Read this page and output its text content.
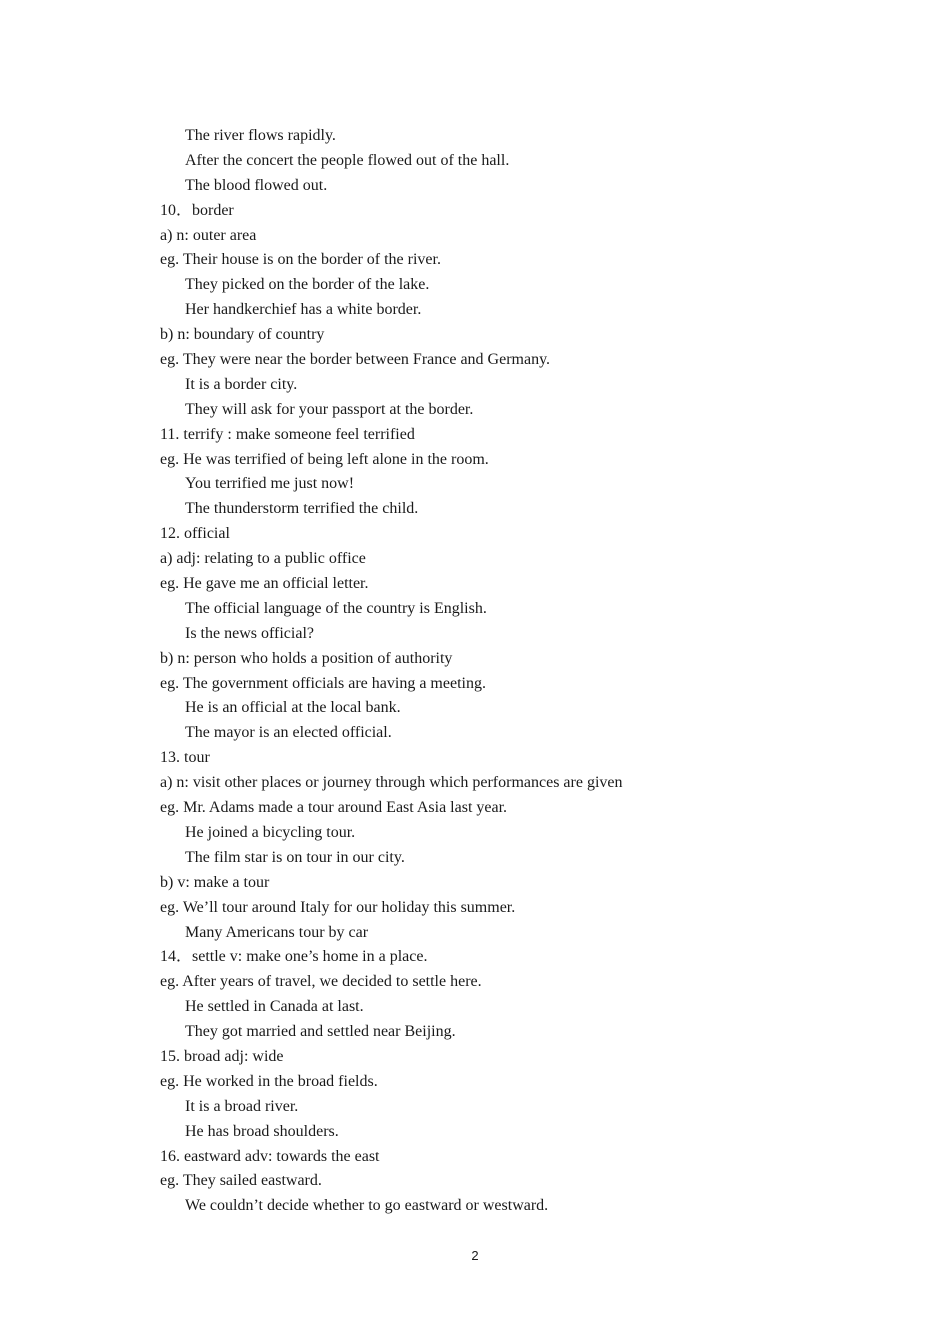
The river flows rapidly.
After the concert the people flowed out of the hall.
The blood flowed out.
10．border
a) n: outer area
eg. Their house is on the border of the river.
They picked on the border of the lake.
Her handkerchief has a white border.
b) n: boundary of country
eg. They were near the border between France and Germany.
It is a border city.
They will ask for your passport at the border.
11. terrify : make someone feel terrified
eg. He was terrified of being left alone in the room.
You terrified me just now!
The thunderstorm terrified the child.
12. official
a) adj: relating to a public office
eg. He gave me an official letter.
The official language of the country is English.
Is the news official?
b) n: person who holds a position of authority
eg. The government officials are having a meeting.
He is an official at the local bank.
The mayor is an elected official.
13. tour
a) n: visit other places or journey through which performances are given
eg. Mr. Adams made a tour around East Asia last year.
He joined a bicycling tour.
The film star is on tour in our city.
b) v: make a tour
eg. We’ll tour around Italy for our holiday this summer.
Many Americans tour by car
14．settle v: make one’s home in a place.
eg. After years of travel, we decided to settle here.
He settled in Canada at last.
They got married and settled near Beijing.
15. broad adj: wide
eg. He worked in the broad fields.
It is a broad river.
He has broad shoulders.
16. eastward adv: towards the east
eg. They sailed eastward.
We couldn’t decide whether to go eastward or westward.
2
